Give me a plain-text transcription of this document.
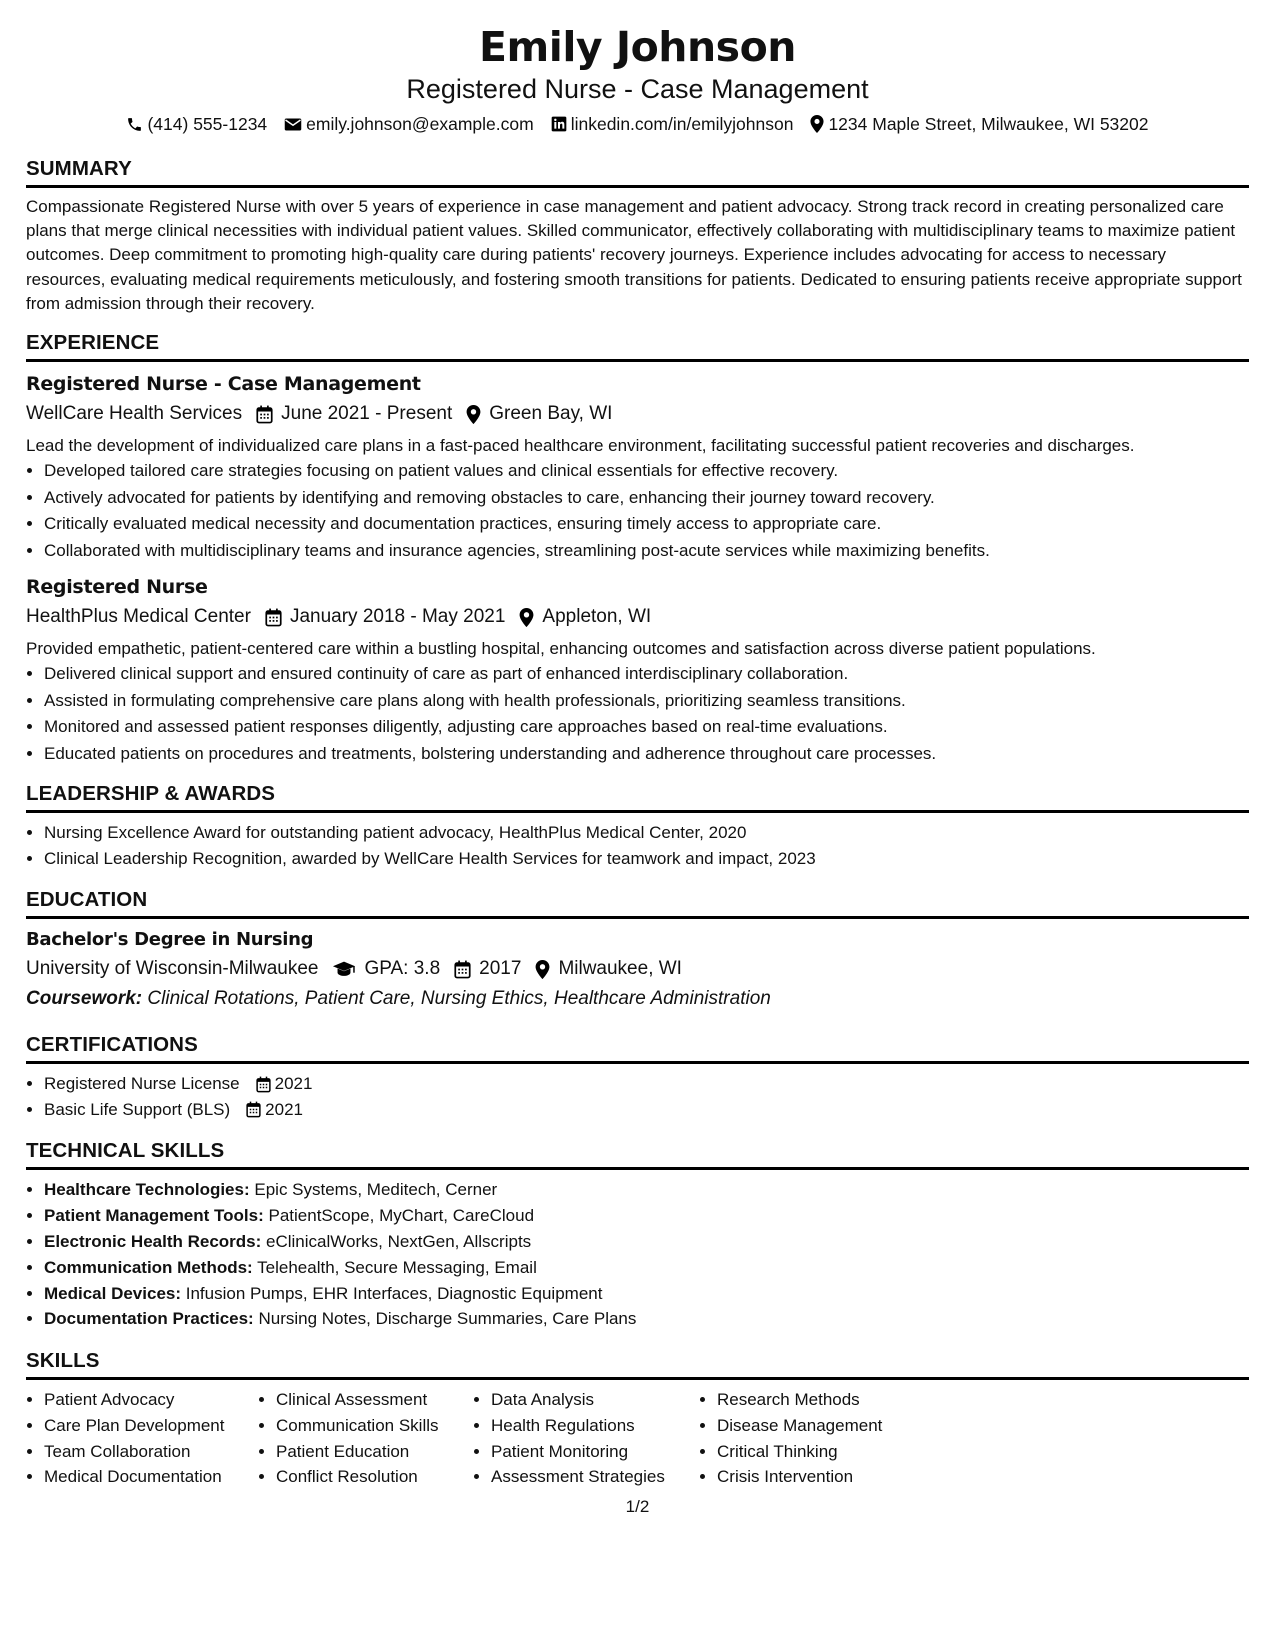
Emily Johnson
Registered Nurse - Case Management
(414) 555-1234 emily.johnson@example.com linkedin.com/in/emilyjohnson 1234 Maple Street, Milwaukee, WI 53202
SUMMARY

Compassionate Registered Nurse with over 5 years of experience in case management and patient advocacy. Strong track record in creating personalized care plans that merge clinical necessities with individual patient values. Skilled communicator, effectively collaborating with multidisciplinary teams to maximize patient outcomes. Deep commitment to promoting high-quality care during patients' recovery journeys. Experience includes advocating for access to necessary resources, evaluating medical requirements meticulously, and fostering smooth transitions for patients. Dedicated to ensuring patients receive appropriate support from admission through their recovery.

EXPERIENCE
Registered Nurse - Case Management
WellCare Health Services June 2021 - Present Green Bay, WI
Lead the development of individualized care plans in a fast-paced healthcare environment, facilitating successful patient recoveries and discharges.
• Developed tailored care strategies focusing on patient values and clinical essentials for effective recovery.
• Actively advocated for patients by identifying and removing obstacles to care, enhancing their journey toward recovery.
• Critically evaluated medical necessity and documentation practices, ensuring timely access to appropriate care.
• Collaborated with multidisciplinary teams and insurance agencies, streamlining post-acute services while maximizing benefits.
Registered Nurse
HealthPlus Medical Center January 2018 - May 2021 Appleton, WI
Provided empathetic, patient-centered care within a bustling hospital, enhancing outcomes and satisfaction across diverse patient populations.
• Delivered clinical support and ensured continuity of care as part of enhanced interdisciplinary collaboration.
• Assisted in formulating comprehensive care plans along with health professionals, prioritizing seamless transitions.
• Monitored and assessed patient responses diligently, adjusting care approaches based on real-time evaluations.
• Educated patients on procedures and treatments, bolstering understanding and adherence throughout care processes.
LEADERSHIP & AWARDS
• Nursing Excellence Award for outstanding patient advocacy, HealthPlus Medical Center, 2020
• Clinical Leadership Recognition, awarded by WellCare Health Services for teamwork and impact, 2023
EDUCATION
Bachelor's Degree in Nursing
University of Wisconsin-Milwaukee GPA: 3.8 2017 Milwaukee, WI
Coursework: Clinical Rotations, Patient Care, Nursing Ethics, Healthcare Administration
CERTIFICATIONS
• Registered Nurse License 2021
• Basic Life Support (BLS) 2021
TECHNICAL SKILLS
• Healthcare Technologies: Epic Systems, Meditech, Cerner
• Patient Management Tools: PatientScope, MyChart, CareCloud
• Electronic Health Records: eClinicalWorks, NextGen, Allscripts
• Communication Methods: Telehealth, Secure Messaging, Email
• Medical Devices: Infusion Pumps, EHR Interfaces, Diagnostic Equipment
• Documentation Practices: Nursing Notes, Discharge Summaries, Care Plans
SKILLS
• Patient Advocacy
• Care Plan Development
• Team Collaboration
• Medical Documentation
• Clinical Assessment
• Communication Skills
• Patient Education
• Conflict Resolution
• Data Analysis
• Health Regulations
• Patient Monitoring
• Assessment Strategies
• Research Methods
• Disease Management
• Critical Thinking
• Crisis Intervention
1/2
